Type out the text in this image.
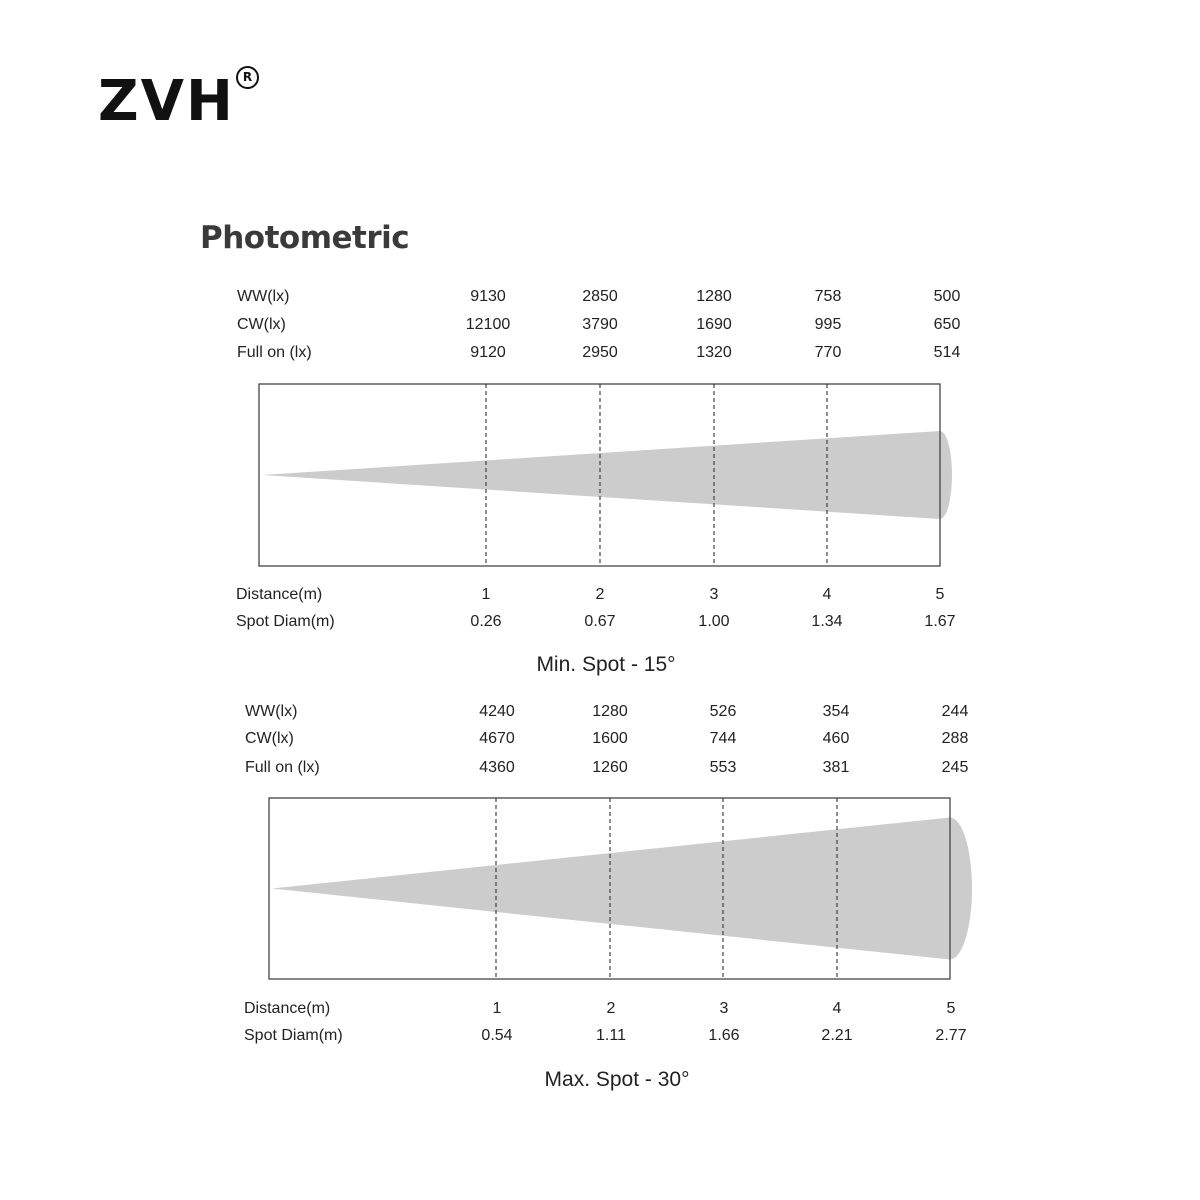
ZVH R
Photometric
WW(lx)	9130	2850	1280	758	500
CW(lx)	12100	3790	1690	995	650
Full on (lx)	9120	2950	1320	770	514
Distance(m)	1	2	3	4	5
Spot Diam(m)	0.26	0.67	1.00	1.34	1.67
Min. Spot - 15°
WW(lx)	4240	1280	526	354	244
CW(lx)	4670	1600	744	460	288
Full on (lx)	4360	1260	553	381	245
Distance(m)	1	2	3	4	5
Spot Diam(m)	0.54	1.11	1.66	2.21	2.77
Max. Spot - 30°
